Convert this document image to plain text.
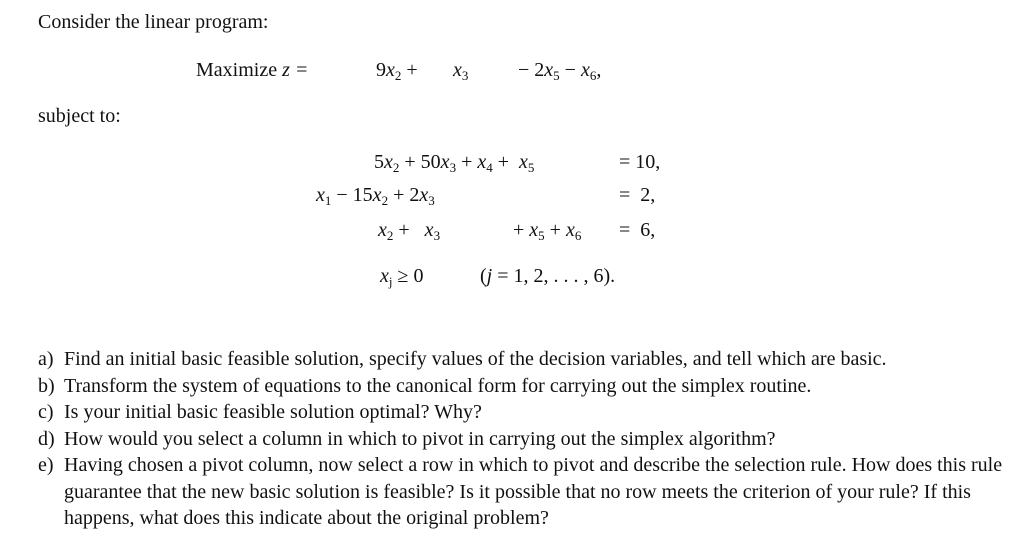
Consider the linear program:
Maximize z =	$9x_2 + x_3 - 2x_5 - x_6$,
subject to:
$5x_2 + 50x_3 + x_4 + x_5$	= 10,
$x_1 - 15x_2 + 2x_3$	=  2,
$x_2 + x_3$	+ $x_5 + x_6 = 6$,
$x_j \ge 0$	(j = 1, 2, . . . , 6).
a) Find an initial basic feasible solution, specify values of the decision variables, and tell which are basic.
b) Transform the system of equations to the canonical form for carrying out the simplex routine.
c) Is your initial basic feasible solution optimal? Why?
d) How would you select a column in which to pivot in carrying out the simplex algorithm?
e) Having chosen a pivot column, now select a row in which to pivot and describe the selection rule. How does this rule guarantee that the new basic solution is feasible? Is it possible that no row meets the criterion of your rule? If this happens, what does this indicate about the original problem?
